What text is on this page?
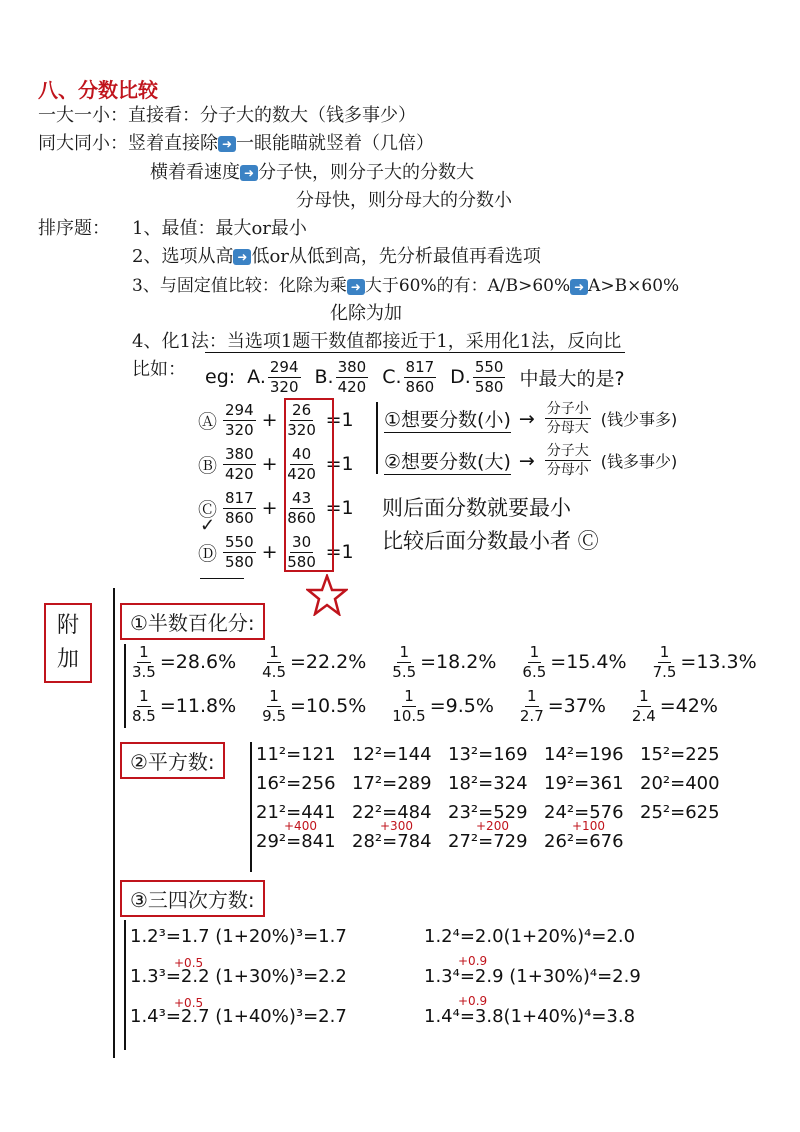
八、分数比较
一大一小：直接看：分子大的数大（钱多事少）
同大同小：竖着直接除 ➜ 一眼能瞄就竖着（几倍）
横着看速度 ➜ 分子快，则分子大的分数大
分母快，则分母大的分数小
排序题： 1、最值：最大or最小
2、选项从高 ➜ 低or从低到高，先分析最值再看选项
3、与固定值比较：化除为乘 ➜ 大于60%的有：A/B>60% ➜ A>B×60%
化除为加
4、化1法：当选项1题干数值都接近于1，采用化1法，反向比
比如： eg: A. $\frac{294}{320} B$. $\frac{380}{420} C$. $\frac{817}{860} D$. $\frac{550}{580}$ 中最大的是?
Ⓐ $\frac{294}{320} + \frac{26}{320} =1$
Ⓑ $\frac{380}{420} + \frac{40}{420} =1$
Ⓒ $\frac{817}{860} + \frac{43}{860} =1$
Ⓓ $\frac{550}{580} + \frac{30}{580} =1$
✓
①想要分数(小) → $\frac{\text{分子小}}{\text{分母大}}$ (钱少事多)
②想要分数(大) → $\frac{\text{分子大}}{\text{分母小}}$ (钱多事少)
则后面分数就要最小
比较后面分数最小者 Ⓒ
附加
①半数百化分:
$\frac{1}{3.5} =28.6\% \frac{1}{4.5} =22.2\% \frac{1}{5.5} =18.2\% \frac{1}{6.5} =15.4\% \frac{1}{7.5} =13.3\%$
$\frac{1}{8.5} =11.8\% \frac{1}{9.5} =10.5\% \frac{1}{10.5} =9.5\% \frac{1}{2.7} =37\% \frac{1}{2.4} =42\%$
②平方数:	11²=121 12²=144 13²=169 14²=196 15²=225
16²=256 17²=289 18²=324 19²=361 20²=400
21²=441 22²=484 23²=529 24²=576 25²=625
+400
29²=841
+300
28²=784
+200
27²=729
+100
26²=676
③三四次方数:
1.2³=1.7 (1+20%)³=1.7
+0.5
1.3³=2.2 (1+30%)³=2.2
+0.5
1.4³=2.7 (1+40%)³=2.7
1.2⁴=2.0(1+20%)⁴=2.0
+0.9
1.3⁴=2.9 (1+30%)⁴=2.9
+0.9
1.4⁴=3.8(1+40%)⁴=3.8
